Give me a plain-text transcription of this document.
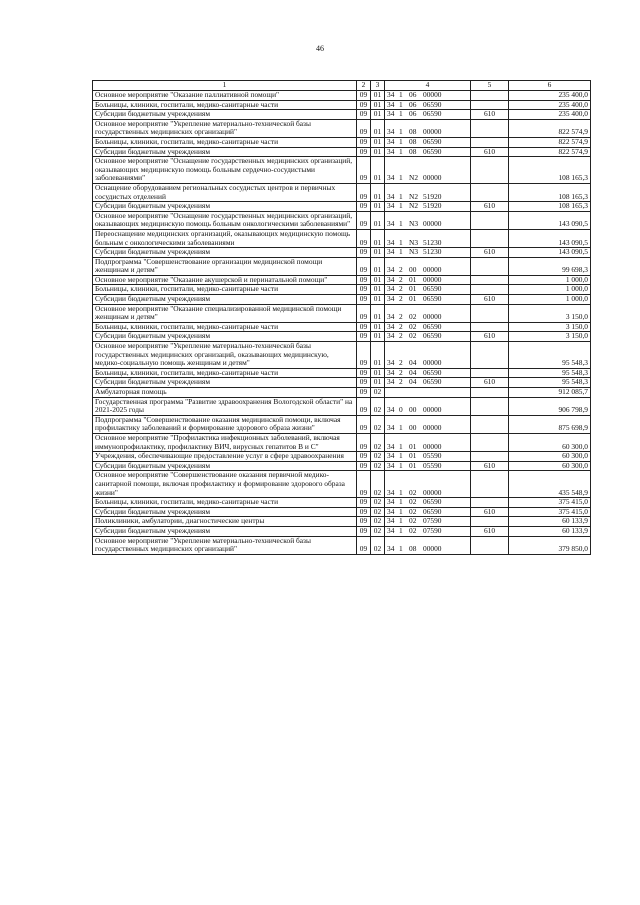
46
1	2	3	4	5	6
Основное мероприятие "Оказание паллиативной помощи"	09	01	34 1 06 00000		235 400,0
Больницы, клиники, госпитали, медико-санитарные части	09	01	34 1 06 06590		235 400,0
Субсидии бюджетным учреждениям	09	01	34 1 06 06590	610	235 400,0
Основное мероприятие "Укрепление материально-технической базы государственных медицинских организаций"	09	01	34 1 08 00000		822 574,9
Больницы, клиники, госпитали, медико-санитарные части	09	01	34 1 08 06590		822 574,9
Субсидии бюджетным учреждениям	09	01	34 1 08 06590	610	822 574,9
Основное мероприятие "Оснащение государственных медицинских организаций, оказывающих медицинскую помощь больным сердечно-сосудистыми заболеваниями"	09	01	34 1 N2 00000		108 165,3
Оснащение оборудованием региональных сосудистых центров и первичных сосудистых отделений	09	01	34 1 N2 51920		108 165,3
Субсидии бюджетным учреждениям	09	01	34 1 N2 51920	610	108 165,3
Основное мероприятие "Оснащение государственных медицинских организаций, оказывающих медицинскую помощь больным онкологическими заболеваниями"	09	01	34 1 N3 00000		143 090,5
Переоснащение медицинских организаций, оказывающих медицинскую помощь больным с онкологическими заболеваниями	09	01	34 1 N3 51230		143 090,5
Субсидии бюджетным учреждениям	09	01	34 1 N3 51230	610	143 090,5
Подпрограмма "Совершенствование организации медицинской помощи женщинам и детям"	09	01	34 2 00 00000		99 698,3
Основное мероприятие "Оказание акушерской и перинатальной помощи"	09	01	34 2 01 00000		1 000,0
Больницы, клиники, госпитали, медико-санитарные части	09	01	34 2 01 06590		1 000,0
Субсидии бюджетным учреждениям	09	01	34 2 01 06590	610	1 000,0
Основное мероприятие "Оказание специализированной медицинской помощи женщинам и детям"	09	01	34 2 02 00000		3 150,0
Больницы, клиники, госпитали, медико-санитарные части	09	01	34 2 02 06590		3 150,0
Субсидии бюджетным учреждениям	09	01	34 2 02 06590	610	3 150,0
Основное мероприятие "Укрепление материально-технической базы государственных медицинских организаций, оказывающих медицинскую, медико-социальную помощь женщинам и детям"	09	01	34 2 04 00000		95 548,3
Больницы, клиники, госпитали, медико-санитарные части	09	01	34 2 04 06590		95 548,3
Субсидии бюджетным учреждениям	09	01	34 2 04 06590	610	95 548,3
Амбулаторная помощь	09	02			912 085,7
Государственная программа "Развитие здравоохранения Вологодской области" на 2021-2025 годы	09	02	34 0 00 00000		906 798,9
Подпрограмма "Совершенствование оказания медицинской помощи, включая профилактику заболеваний и формирование здорового образа жизни"	09	02	34 1 00 00000		875 698,9
Основное мероприятие "Профилактика инфекционных заболеваний, включая иммунопрофилактику, профилактику ВИЧ, вирусных гепатитов В и С"	09	02	34 1 01 00000		60 300,0
Учреждения, обеспечивающие предоставление услуг в сфере здравоохранения	09	02	34 1 01 05590		60 300,0
Субсидии бюджетным учреждениям	09	02	34 1 01 05590	610	60 300,0
Основное мероприятие "Совершенствование оказания первичной медико-санитарной помощи, включая профилактику и формирование здорового образа жизни"	09	02	34 1 02 00000		435 548,9
Больницы, клиники, госпитали, медико-санитарные части	09	02	34 1 02 06590		375 415,0
Субсидии бюджетным учреждениям	09	02	34 1 02 06590	610	375 415,0
Поликлиники, амбулатории, диагностические центры	09	02	34 1 02 07590		60 133,9
Субсидии бюджетным учреждениям	09	02	34 1 02 07590	610	60 133,9
Основное мероприятие "Укрепление материально-технической базы государственных медицинских организаций"	09	02	34 1 08 00000		379 850,0
